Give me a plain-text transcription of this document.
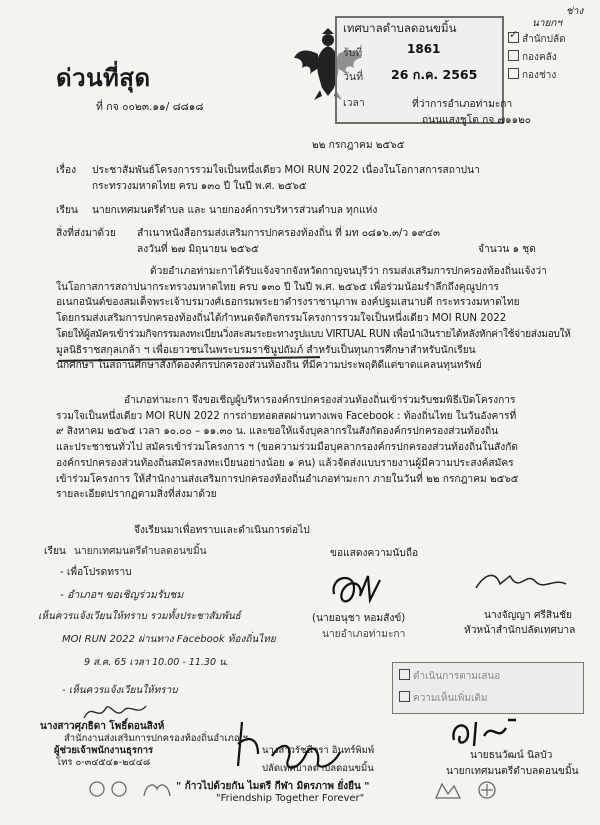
ด่วนที่สุด
ที่ กจ ๐๐๒๓.๑๑/ ๘๘๑๘
เทศบาลตำบลดอนขมิ้น
รับที่	1861
วันที่ 26 ก.ค. 2565
เวลา
นายกฯ
✓ สำนักปลัด
กองคลัง
กองช่าง
ช่าง
ที่ว่าการอำเภอท่ามะกา
ถนนแสงชูโต กจ ๗๑๑๒๐
๒๒ กรกฎาคม ๒๕๖๕
เรื่อง ประชาสัมพันธ์โครงการรวมใจเป็นหนึ่งเดียว MOI RUN 2022 เนื่องในโอกาสการสถาปนา
กระทรวงมหาดไทย ครบ ๑๓๐ ปี ในปี พ.ศ. ๒๕๖๕
เรียน นายกเทศมนตรีตำบล และ นายกองค์การบริหารส่วนตำบล ทุกแห่ง
สิ่งที่ส่งมาด้วย สำเนาหนังสือกรมส่งเสริมการปกครองท้องถิ่น ที่ มท ๐๘๑๖.๓/ว ๑๙๔๓
ลงวันที่ ๒๗ มิถุนายน ๒๕๖๕	จำนวน ๑ ชุด
ด้วยอำเภอท่ามะกาได้รับแจ้งจากจังหวัดกาญจนบุรีว่า กรมส่งเสริมการปกครองท้องถิ่นแจ้งว่า
ในโอกาสการสถาปนากระทรวงมหาดไทย ครบ ๑๓๐ ปี ในปี พ.ศ. ๒๕๖๕ เพื่อร่วมน้อมรำลึกถึงคุณูปการ
อเนกอนันต์ของสมเด็จพระเจ้าบรมวงศ์เธอกรมพระยาดำรงราชานุภาพ องค์ปฐมเสนาบดี กระทรวงมหาดไทย
โดยกรมส่งเสริมการปกครองท้องถิ่นได้กำหนดจัดกิจกรรมโครงการรวมใจเป็นหนึ่งเดียว MOI RUN 2022
โดยให้ผู้สมัครเข้าร่วมกิจกรรมลงทะเบียนวิ่งสะสมระยะทางรูปแบบ VIRTUAL RUN เพื่อนำเงินรายได้หลังหักค่าใช้จ่ายส่งมอบให้
มูลนิธิราชสกุลเกล้า ฯ เพื่อเยาวชนในพระบรมราชินูปถัมภ์ สำหรับเป็นทุนการศึกษาสำหรับนักเรียน
นักศึกษา ในสถานศึกษาสังกัดองค์กรปกครองส่วนท้องถิ่น ที่มีความประพฤติดีแต่ขาดแคลนทุนทรัพย์
อำเภอท่ามะกา จึงขอเชิญผู้บริหารองค์กรปกครองส่วนท้องถิ่นเข้าร่วมรับชมพิธีเปิดโครงการ
รวมใจเป็นหนึ่งเดียว MOI RUN 2022 การถ่ายทอดสดผ่านทางเพจ Facebook : ท้องถิ่นไทย ในวันอังคารที่
๙ สิงหาคม ๒๕๖๕ เวลา ๑๐.๐๐ – ๑๑.๓๐ น. และขอให้แจ้งบุคลากรในสังกัดองค์กรปกครองส่วนท้องถิ่น
และประชาชนทั่วไป สมัครเข้าร่วมโครงการ ฯ (ขอความร่วมมือบุคลากรองค์กรปกครองส่วนท้องถิ่นในสังกัด
องค์กรปกครองส่วนท้องถิ่นสมัครลงทะเบียนอย่างน้อย ๑ คน) แล้วจัดส่งแบบรายงานผู้มีความประสงค์สมัคร
เข้าร่วมโครงการ ให้สำนักงานส่งเสริมการปกครองท้องถิ่นอำเภอท่ามะกา ภายในวันที่ ๒๒ กรกฎาคม ๒๕๖๕
รายละเอียดปรากฏตามสิ่งที่ส่งมาด้วย
จึงเรียนมาเพื่อทราบและดำเนินการต่อไป
เรียน นายกเทศมนตรีตำบลดอนขมิ้น
- เพื่อโปรดทราบ
- อำเภอฯ ขอเชิญร่วมรับชม
เห็นควรแจ้งเวียนให้ทราบ รวมทั้งประชาสัมพันธ์
MOI RUN 2022 ผ่านทาง Facebook ท้องถิ่นไทย
9 ส.ค. 65 เวลา 10.00 - 11.30 น.
- เห็นควรแจ้งเวียนให้ทราบ
นางสาวศุภธิดา โพธิ์ดอนสิงห์
สำนักงานส่งเสริมการปกครองท้องถิ่นอำเภอ ฯ
ผู้ช่วยเจ้าพนักงานธุรการ
โทร ๐-๓๔๕๔๑-๒๔๔๘
ขอแสดงความนับถือ
(นายอนุชา หอมสังข์)
นายอำเภอท่ามะกา
นางจัญญา ศรีสินชัย
หัวหน้าสำนักปลัดเทศบาล
ดำเนินการตามเสนอ
ความเห็นเพิ่มเติม
นางสาวรัชนีวรา อินทร์พิมพ์
ปลัดเทศบาลตำบลดอนขมิ้น
นายธนวัฒน์ นิลบัว
นายกเทศมนตรีตำบลดอนขมิ้น
" ก้าวไปด้วยกัน ไมตรี กีฬา มิตรภาพ ยั่งยืน "
"Friendship Together Forever"
